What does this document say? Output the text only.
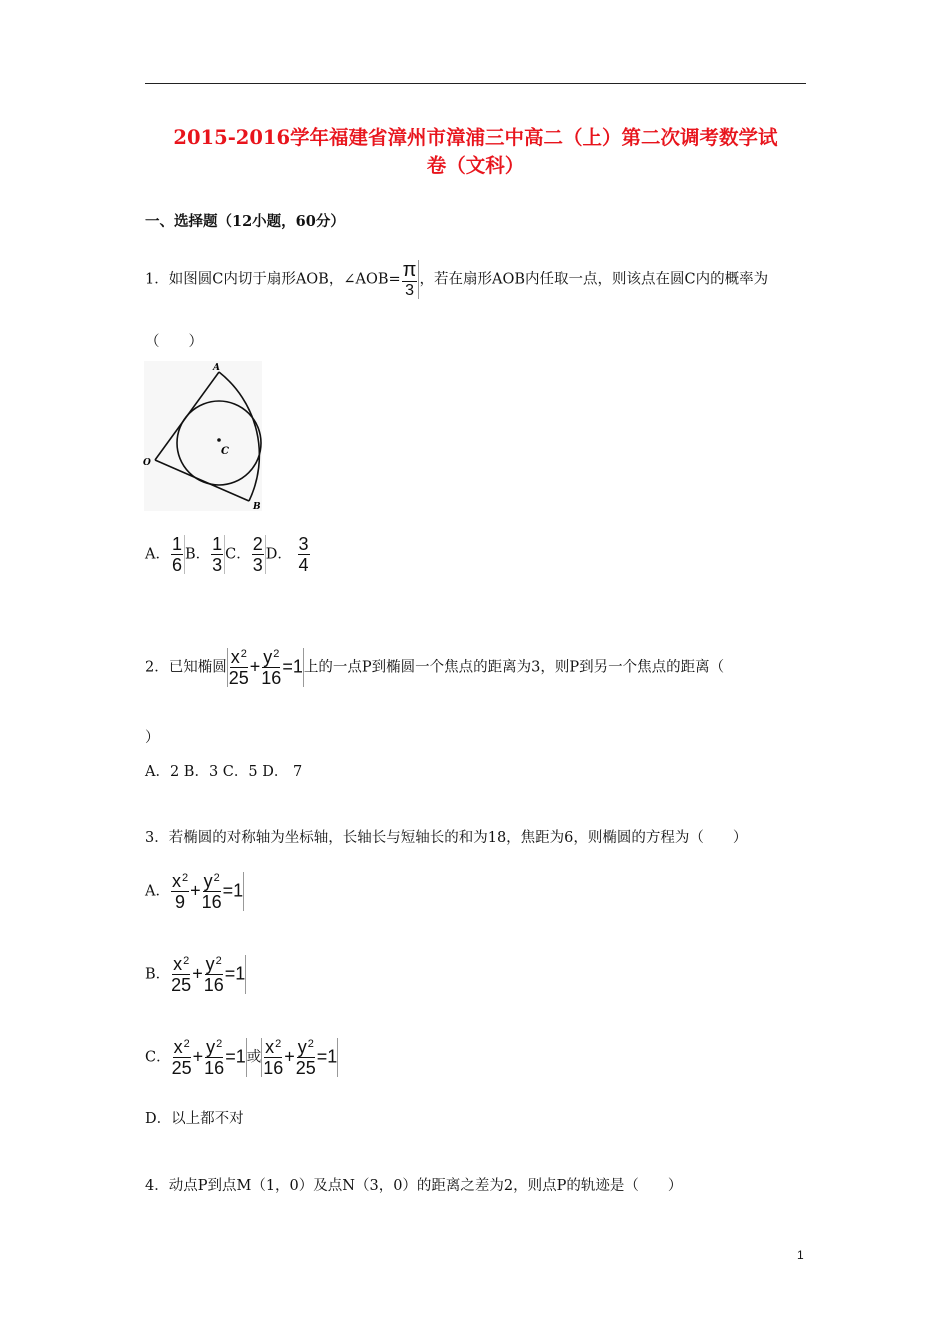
2015-2016学年福建省漳州市漳浦三中高二（上）第二次调考数学试
卷（文科）
一、选择题（12小题，60分）
1．如图圆C内切于扇形AOB，∠AOB= $\frac{\pi}{3}$ ，若在扇形AOB内任取一点，则该点在圆C内的概率为
（　　）
A
O
C
B
A． $\frac{1}{6}$ B． $\frac{1}{3}$ C． $\frac{2}{3}$ D． $\frac{3}{4}$
2．已知椭圆 $\frac{x^2}{25} + \frac{y^2}{16} =1$上的一点P到椭圆一个焦点的距离为3，则P到另一个焦点的距离（
）
A．2 B．3 C．5 D． 7
3．若椭圆的对称轴为坐标轴，长轴长与短轴长的和为18，焦距为6，则椭圆的方程为（　　）
A． $\frac{x^2}{9} + \frac{y^2}{16} =1$
B． $\frac{x^2}{25} + \frac{y^2}{16} =1$
C． $\frac{x^2}{25} + \frac{y^2}{16} =1$或 $\frac{x^2}{16} + \frac{y^2}{25} =1$
D．以上都不对
4．动点P到点M（1，0）及点N（3，0）的距离之差为2，则点P的轨迹是（　　）
1
